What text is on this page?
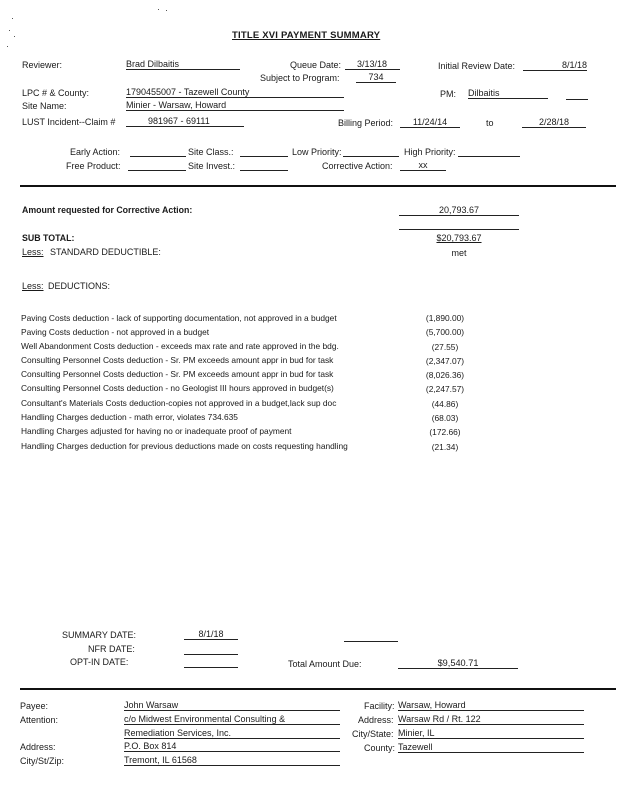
TITLE XVI PAYMENT SUMMARY
Reviewer:	Brad Dilbaitis	Queue Date:	3/13/18	Initial Review Date:	8/1/18
Subject to Program:	734
LPC # & County:	1790455007 - Tazewell County	PM: Dilbaitis
Site Name:	Minier - Warsaw, Howard
LUST Incident--Claim #	981967 - 69111	Billing Period:	11/24/14	to	2/28/18
Early Action:	Site Class.:	Low Priority:	High Priority:
Free Product:	Site Invest.:	Corrective Action:	xx
Amount requested for Corrective Action:	20,793.67
SUB TOTAL:	$20,793.67
Less: STANDARD DEDUCTIBLE:	met
Less: DEDUCTIONS:
Paving Costs deduction - lack of supporting documentation, not approved in a budget	(1,890.00)
Paving Costs deduction - not approved in a budget	(5,700.00)
Well Abandonment Costs deduction - exceeds max rate and rate approved in the bdg.	(27.55)
Consulting Personnel Costs deduction - Sr. PM exceeds amount appr in bud for task	(2,347.07)
Consulting Personnel Costs deduction - Sr. PM exceeds amount appr in bud for task	(8,026.36)
Consulting Personnel Costs deduction - no Geologist III hours approved in budget(s)	(2,247.57)
Consultant's Materials Costs deduction-copies not approved in a budget,lack sup doc	(44.86)
Handling Charges deduction - math error, violates 734.635	(68.03)
Handling Charges adjusted for having no or inadequate proof of payment	(172.66)
Handling Charges deduction for previous deductions made on costs requesting handling	(21.34)
SUMMARY DATE:	8/1/18
NFR DATE:
OPT-IN DATE:	Total Amount Due:	$9,540.71
Payee:	John Warsaw
Attention:	c/o Midwest Environmental Consulting &
Remediation Services, Inc.
Address:	P.O. Box 814
City/St/Zip:	Tremont, IL 61568
Facility: Warsaw, Howard
Address: Warsaw Rd / Rt. 122
City/State: Minier, IL
County: Tazewell
